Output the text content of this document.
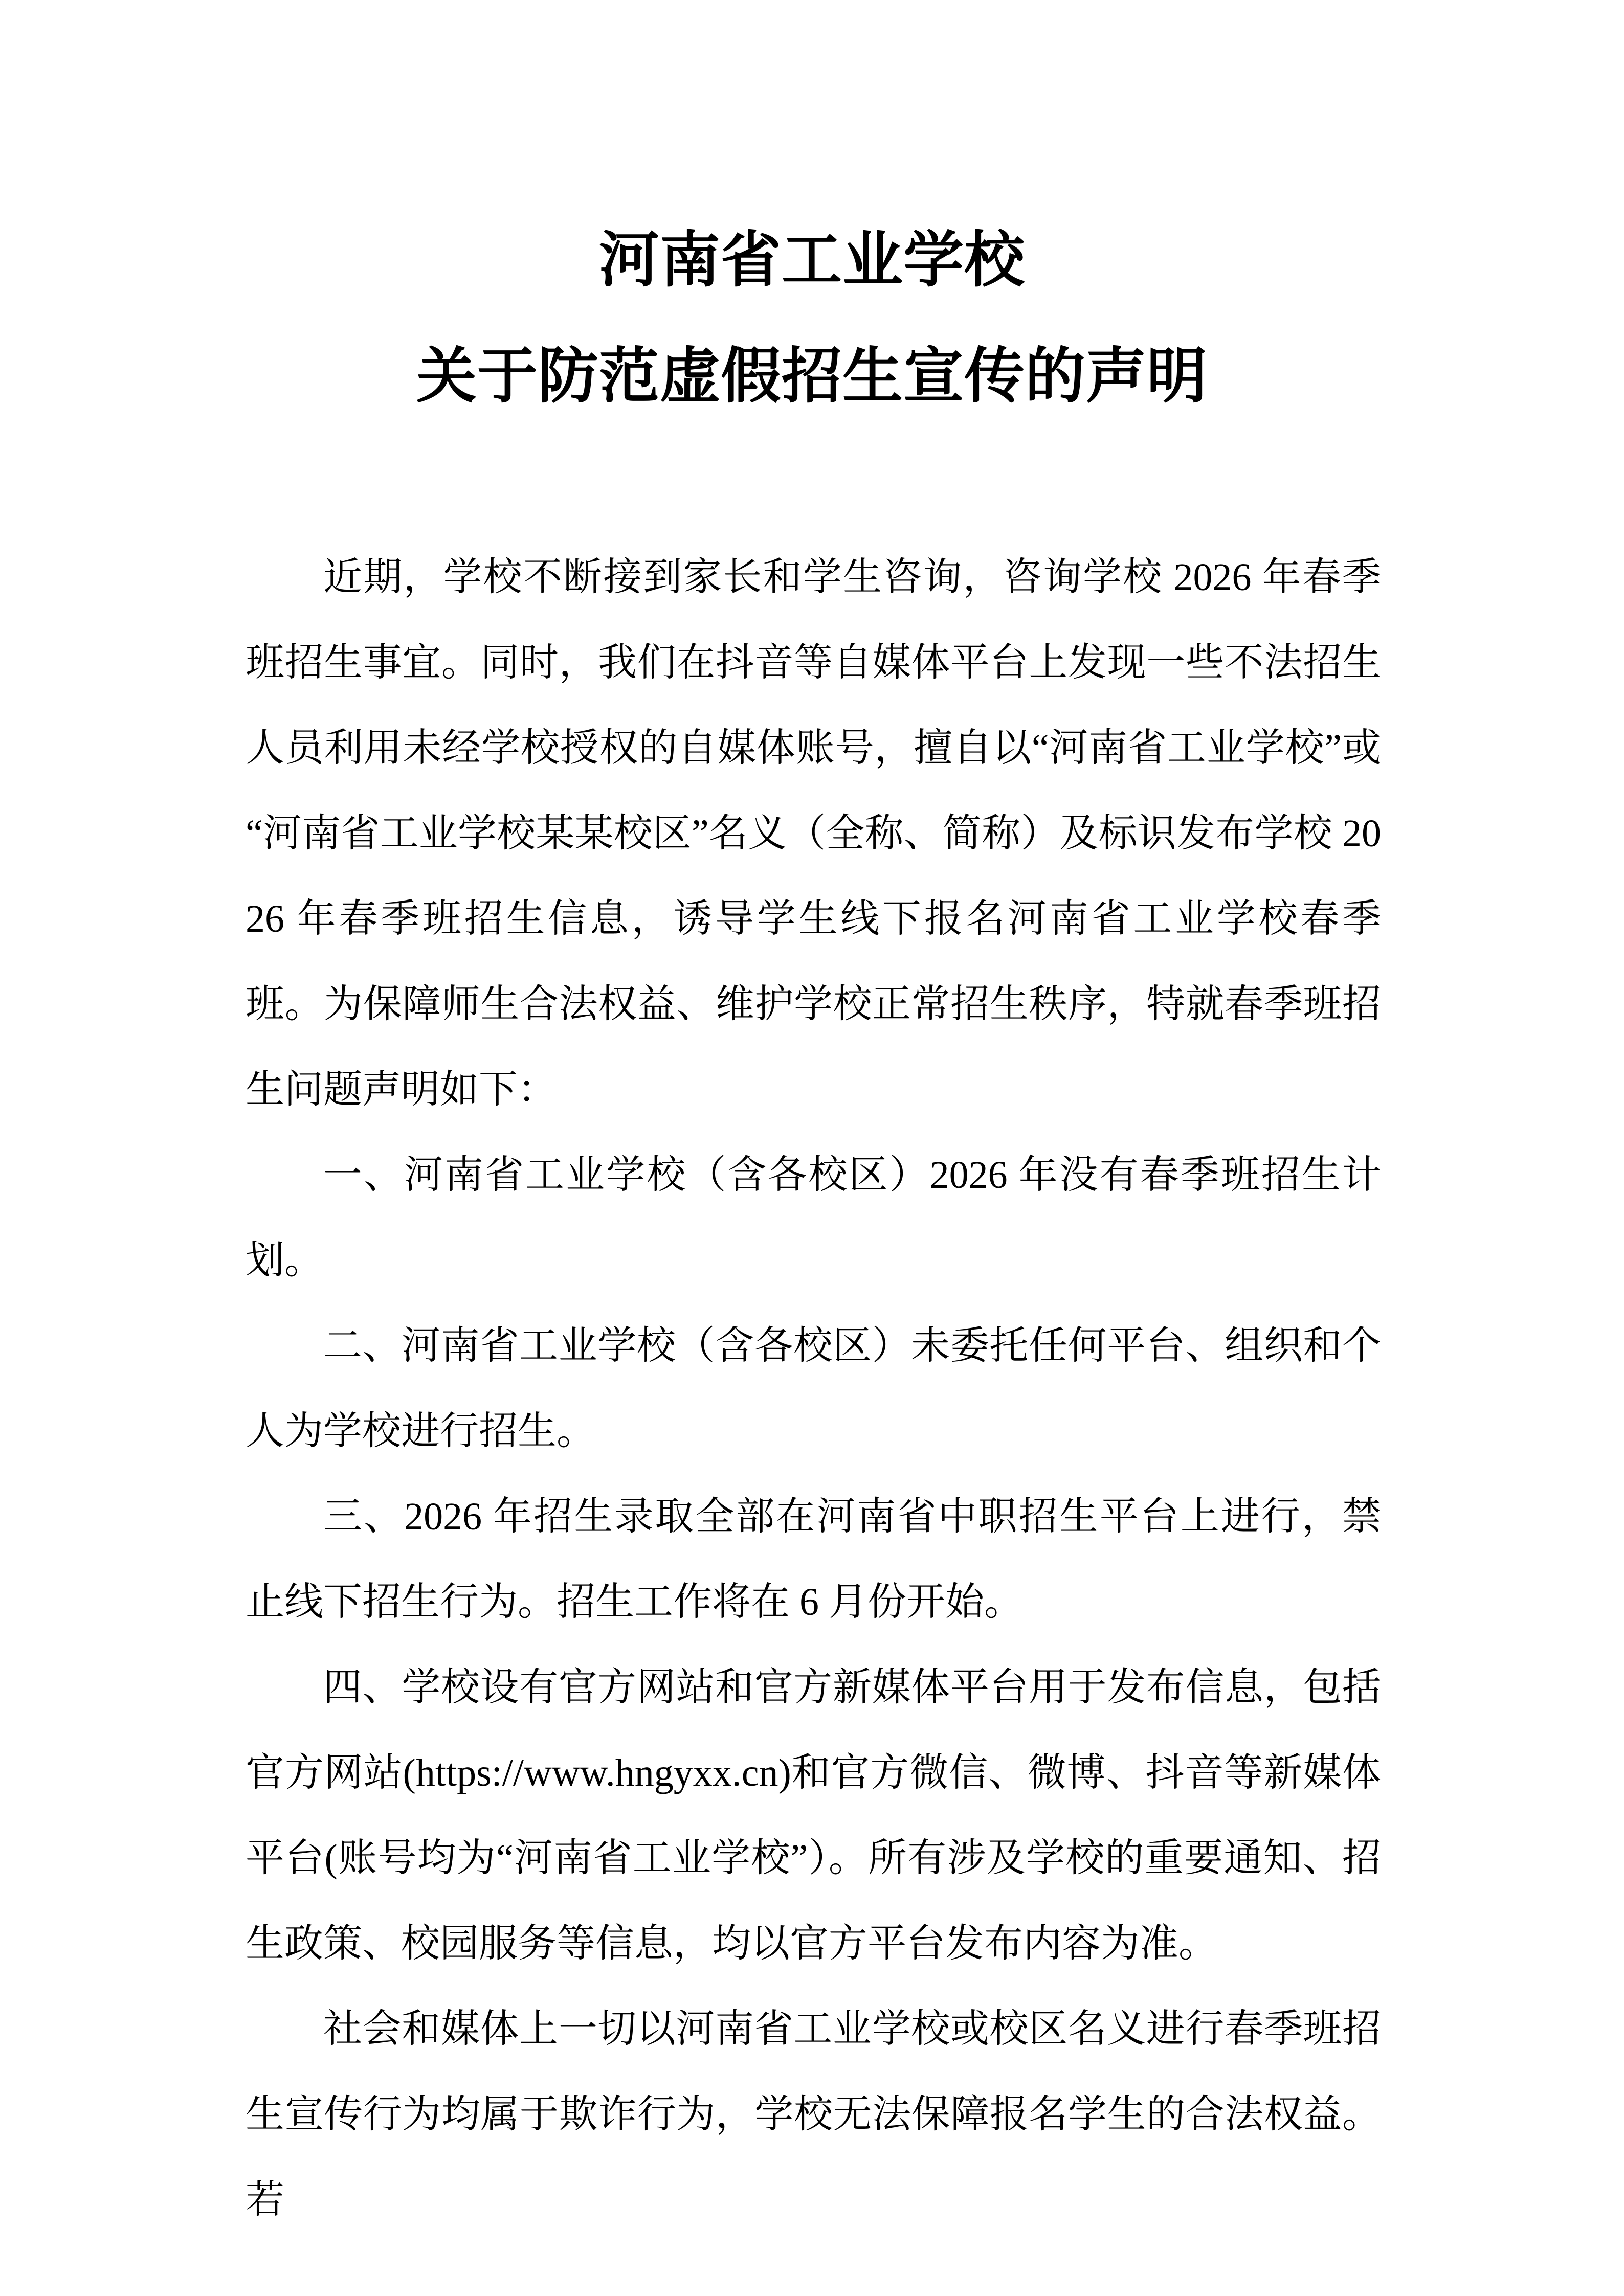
河南省工业学校
关于防范虚假招生宣传的声明

近期，学校不断接到家长和学生咨询，咨询学校 2026 年春季班招生事宜。同时，我们在抖音等自媒体平台上发现一些不法招生人员利用未经学校授权的自媒体账号，擅自以“河南省工业学校”或“河南省工业学校某某校区”名义（全称、简称）及标识发布学校 2026 年春季班招生信息，诱导学生线下报名河南省工业学校春季班。为保障师生合法权益、维护学校正常招生秩序，特就春季班招生问题声明如下：

一、河南省工业学校（含各校区）2026 年没有春季班招生计划。

二、河南省工业学校（含各校区）未委托任何平台、组织和个人为学校进行招生。

三、2026 年招生录取全部在河南省中职招生平台上进行，禁止线下招生行为。招生工作将在 6 月份开始。

四、学校设有官方网站和官方新媒体平台用于发布信息，包括官方网站(https://www.hngyxx.cn)和官方微信、微博、抖音等新媒体平台(账号均为“河南省工业学校”）。所有涉及学校的重要通知、招生政策、校园服务等信息，均以官方平台发布内容为准。

社会和媒体上一切以河南省工业学校或校区名义进行春季班招生宣传行为均属于欺诈行为，学校无法保障报名学生的合法权益。若
